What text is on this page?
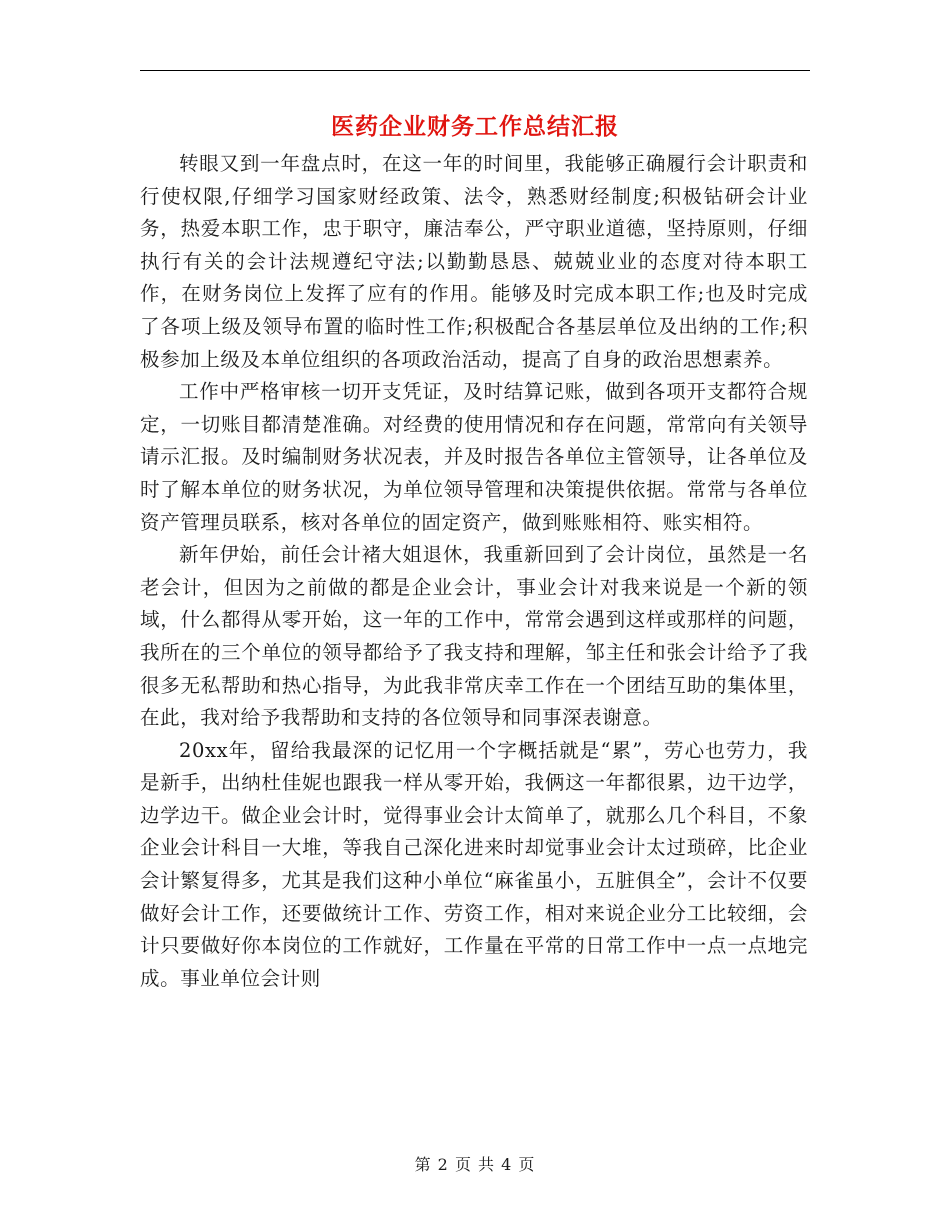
医药企业财务工作总结汇报

转眼又到一年盘点时，在这一年的时间里，我能够正确履行会计职责和行使权限,仔细学习国家财经政策、法令，熟悉财经制度;积极钻研会计业务，热爱本职工作，忠于职守，廉洁奉公，严守职业道德，坚持原则，仔细执行有关的会计法规遵纪守法;以勤勤恳恳、兢兢业业的态度对待本职工作，在财务岗位上发挥了应有的作用。能够及时完成本职工作;也及时完成了各项上级及领导布置的临时性工作;积极配合各基层单位及出纳的工作;积极参加上级及本单位组织的各项政治活动，提高了自身的政治思想素养。

工作中严格审核一切开支凭证，及时结算记账，做到各项开支都符合规定，一切账目都清楚准确。对经费的使用情况和存在问题，常常向有关领导请示汇报。及时编制财务状况表，并及时报告各单位主管领导，让各单位及时了解本单位的财务状况，为单位领导管理和决策提供依据。常常与各单位资产管理员联系，核对各单位的固定资产，做到账账相符、账实相符。

新年伊始，前任会计褚大姐退休，我重新回到了会计岗位，虽然是一名老会计，但因为之前做的都是企业会计，事业会计对我来说是一个新的领域，什么都得从零开始，这一年的工作中，常常会遇到这样或那样的问题，我所在的三个单位的领导都给予了我支持和理解，邹主任和张会计给予了我很多无私帮助和热心指导，为此我非常庆幸工作在一个团结互助的集体里，在此，我对给予我帮助和支持的各位领导和同事深表谢意。

20xx年，留给我最深的记忆用一个字概括就是“累”，劳心也劳力，我是新手，出纳杜佳妮也跟我一样从零开始，我俩这一年都很累，边干边学，边学边干。做企业会计时，觉得事业会计太简单了，就那么几个科目，不象企业会计科目一大堆，等我自己深化进来时却觉事业会计太过琐碎，比企业会计繁复得多，尤其是我们这种小单位“麻雀虽小，五脏俱全”，会计不仅要做好会计工作，还要做统计工作、劳资工作，相对来说企业分工比较细，会计只要做好你本岗位的工作就好，工作量在平常的日常工作中一点一点地完成。事业单位会计则

第 2 页 共 4 页
